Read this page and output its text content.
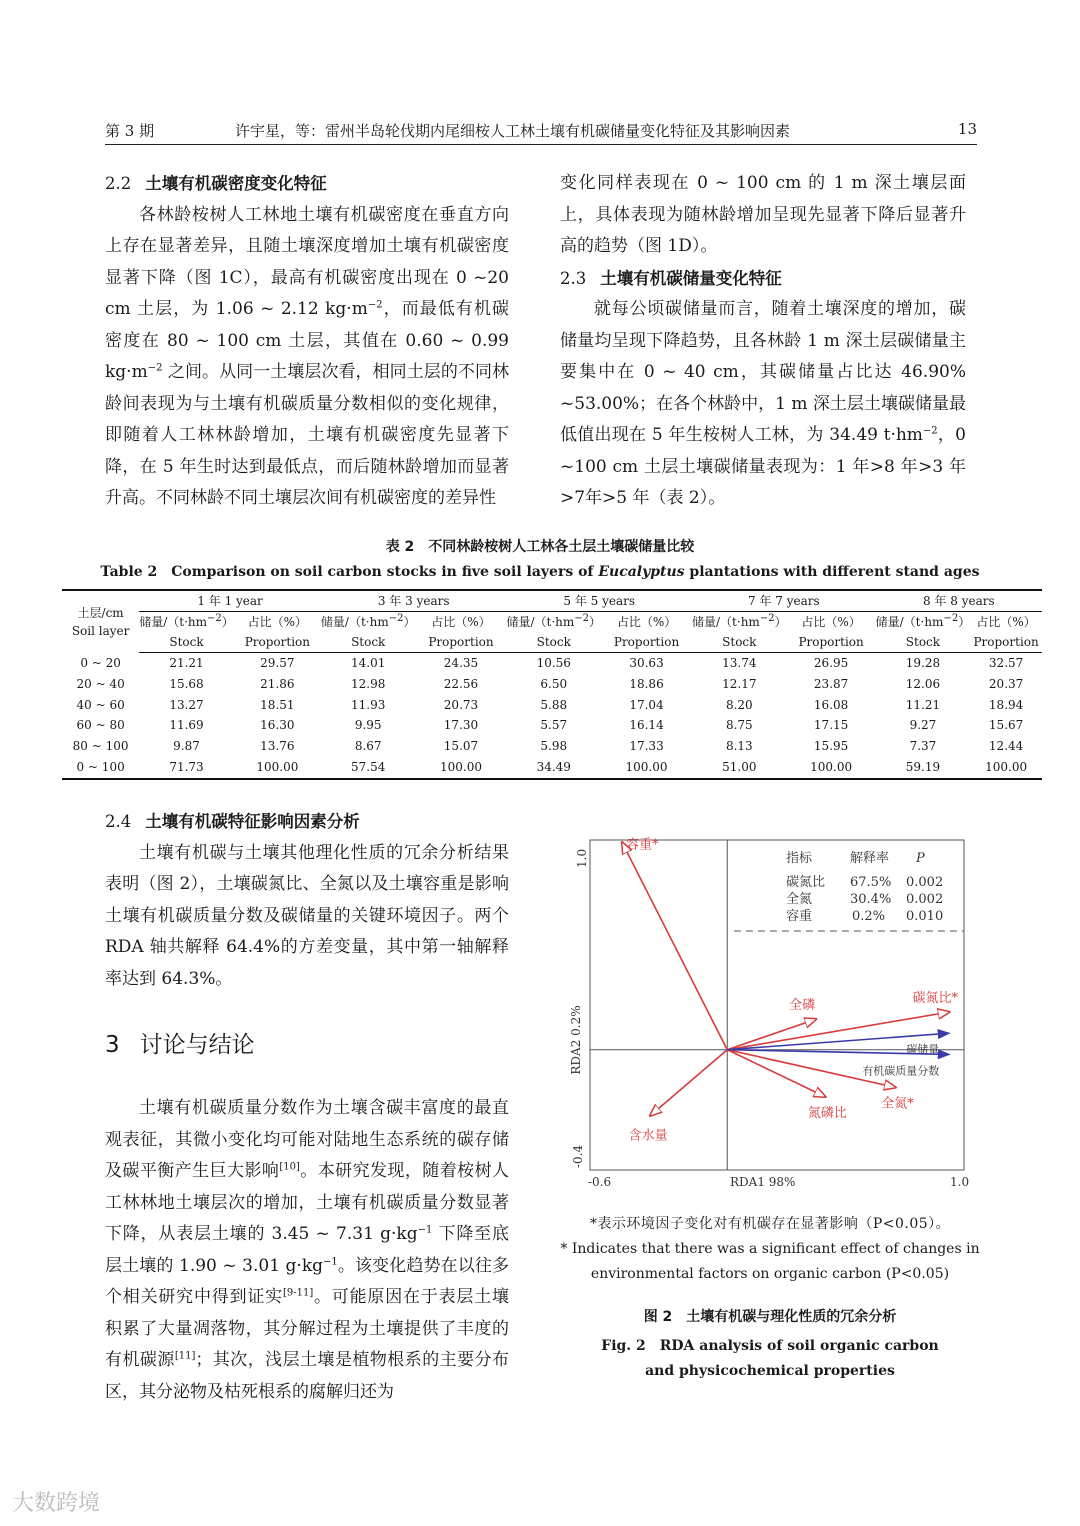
第 3 期	许宇星，等：雷州半岛轮伐期内尾细桉人工林土壤有机碳储量变化特征及其影响因素	13

2.2 土壤有机碳密度变化特征

各林龄桉树人工林地土壤有机碳密度在垂直方向上存在显著差异，且随土壤深度增加土壤有机碳密度显著下降（图 1C），最高有机碳密度出现在 0 ~20 cm 土层，为 1.06 ~ 2.12 $kg\cdot m^{-2}$，而最低有机碳密度在 80 ~ 100 cm 土层，其值在 0.60 ~ 0.99 $kg\cdot m^{-2}$ 之间。从同一土壤层次看，相同土层的不同林龄间表现为与土壤有机碳质量分数相似的变化规律，即随着人工林林龄增加，土壤有机碳密度先显著下降，在 5 年生时达到最低点，而后随林龄增加而显著升高。不同林龄不同土壤层次间有机碳密度的差异性

变化同样表现在 0 ~ 100 cm 的 1 m 深土壤层面上，具体表现为随林龄增加呈现先显著下降后显著升高的趋势（图 1D）。

2.3 土壤有机碳储量变化特征

就每公顷碳储量而言，随着土壤深度的增加，碳储量均呈现下降趋势，且各林龄 1 m 深土层碳储量主要集中在 0 ~ 40 cm，其碳储量占比达 46.90% ~53.00%；在各个林龄中，1 m 深土层土壤碳储量最低值出现在 5 年生桉树人工林，为 34.49 $t\cdot hm^{-2}$，0 ~100 cm 土层土壤碳储量表现为：1 年>8 年>3 年>7年>5 年（表 2）。

表 2　不同林龄桉树人工林各土层土壤碳储量比较
Table 2　Comparison on soil carbon stocks in five soil layers of Eucalyptus plantations with different stand ages
土层/cm
Soil layer	1 年 1 year		3 年 3 years		5 年 5 years		7 年 7 years		8 年 8 years	
	储量$/(t\cdot hm^{-2})$	占比（%）	储量$/(t\cdot hm^{-2})$	占比（%）	储量$/(t\cdot hm^{-2})$	占比（%）	储量$/(t\cdot hm^{-2})$	占比（%）	储量$/(t\cdot hm^{-2})$	占比（%）
	Stock	Proportion	Stock	Proportion	Stock	Proportion	Stock	Proportion	Stock	Proportion
0 ~ 20	21.21	29.57	14.01	24.35	10.56	30.63	13.74	26.95	19.28	32.57
20 ~ 40	15.68	21.86	12.98	22.56	6.50	18.86	12.17	23.87	12.06	20.37
40 ~ 60	13.27	18.51	11.93	20.73	5.88	17.04	8.20	16.08	11.21	18.94
60 ~ 80	11.69	16.30	9.95	17.30	5.57	16.14	8.75	17.15	9.27	15.67
80 ~ 100	9.87	13.76	8.67	15.07	5.98	17.33	8.13	15.95	7.37	12.44
0 ~ 100	71.73	100.00	57.54	100.00	34.49	100.00	51.00	100.00	59.19	100.00

2.4 土壤有机碳特征影响因素分析

土壤有机碳与土壤其他理化性质的冗余分析结果表明（图 2），土壤碳氮比、全氮以及土壤容重是影响土壤有机碳质量分数及碳储量的关键环境因子。两个 RDA 轴共解释 64.4%的方差变量，其中第一轴解释率达到 64.3%。

3 讨论与结论

土壤有机碳质量分数作为土壤含碳丰富度的最直观表征，其微小变化均可能对陆地生态系统的碳存储及碳平衡产生巨大影响[10]。本研究发现，随着桉树人工林林地土壤层次的增加，土壤有机碳质量分数显著下降，从表层土壤的 3.45 ~ 7.31 $g\cdot kg^{-1}$ 下降至底层土壤的 1.90 ~ 3.01 $g\cdot kg^{-1}$。该变化趋势在以往多个相关研究中得到证实[9-11]。可能原因在于表层土壤积累了大量凋落物，其分解过程为土壤提供了丰度的有机碳源[11]；其次，浅层土壤是植物根系的主要分布区，其分泌物及枯死根系的腐解归还为

容重*
碳氮比*
全磷
全氮*
氮磷比
含水量
碳储量
有机碳质量分数
1.0
-0.4
RDA2 0.2%
-0.6	1.0
RDA1 98%
指标	解释率 P
碳氮比 67.5% 0.002
全氮	30.4% 0.002
容重	0.2% 0.010
*表示环境因子变化对有机碳存在显著影响（P<0.05）。
* Indicates that there was a significant effect of changes in
environmental factors on organic carbon (P<0.05)
图 2　土壤有机碳与理化性质的冗余分析
Fig. 2　RDA analysis of soil organic carbon
and physicochemical properties
大数跨境
